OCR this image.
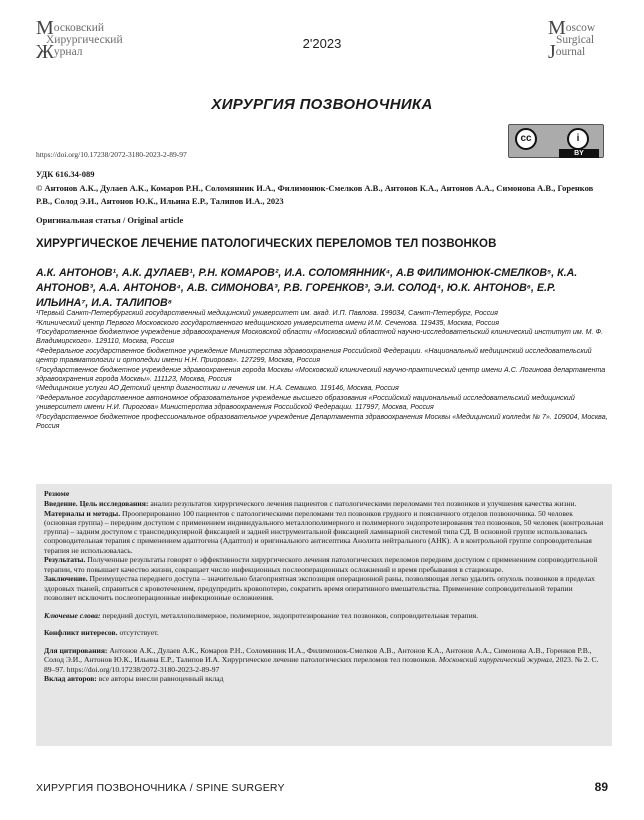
Московский
Хирургический
Журнал
2'2023
Moscow
Surgical
Journal
ХИРУРГИЯ ПОЗВОНОЧНИКА
cc	i
BY
https://doi.org/10.17238/2072-3180-2023-2-89-97
УДК 616.34-089
© Антонов А.К., Дулаев А.К., Комаров Р.Н., Соломянник И.А., Филимонюк-Смелков А.В., Антонов К.А., Антонов А.А., Симонова А.В., Горенков Р.В., Солод Э.И., Антонов Ю.К., Ильина Е.Р., Талипов И.А., 2023
Оригинальная статья / Original article
ХИРУРГИЧЕСКОЕ ЛЕЧЕНИЕ ПАТОЛОГИЧЕСКИХ ПЕРЕЛОМОВ ТЕЛ ПОЗВОНКОВ
А.К. АНТОНОВ¹, А.К. ДУЛАЕВ¹, Р.Н. КОМАРОВ², И.А. СОЛОМЯННИК⁴, А.В ФИЛИМОНЮК-СМЕЛКОВ⁵, К.А. АНТОНОВ³, А.А. АНТОНОВ⁴, А.В. СИМОНОВА³, Р.В. ГОРЕНКОВ³, Э.И. СОЛОД⁴, Ю.К. АНТОНОВ⁶, Е.Р. ИЛЬИНА⁷, И.А. ТАЛИПОВ⁸

¹Первый Санкт-Петербургский государственный медицинский университет им. акад. И.П. Павлова. 199034, Санкт-Петербург, Россия

²Клинический центр Первого Московского государственного медицинского университета имени И.М. Сеченова. 119435, Москва, Россия

³Государственное бюджетное учреждение здравоохранения Московской области «Московский областной научно-исследовательский клинический институт им. М. Ф. Владимирского». 129110, Москва, Россия

⁴Федеральное государственное бюджетное учреждение Министерства здравоохранения Российской Федерации. «Национальный медицинский исследовательский центр травматологии и ортопедии имени Н.Н. Приорова». 127299, Москва, Россия

⁵Государственное бюджетное учреждение здравоохранения города Москвы «Московский клинический научно-практический центр имени А.С. Логинова департамента здравоохранения города Москвы». 111123, Москва, Россия

⁶Медицинские услуги АО Детский центр диагностики и лечения им. Н.А. Семашко. 119146, Москва, Россия

⁷Федеральное государственное автономное образовательное учреждение высшего образования «Российский национальный исследовательский медицинский университет имени Н.И. Пирогова» Министерства здравоохранения Российской Федерации. 117997, Москва, Россия

⁸Государственное бюджетное профессиональное образовательное учреждение Департамента здравоохранения Москвы «Медицинский колледж № 7». 109004, Москва, Россия

Резюме

Введение. Цель исследования: анализ результатов хирургического лечения пациентов с патологическими переломами тел позвонков и улучшения качества жизни.

Материалы и методы. Прооперированно 100 пациентов с патологическими переломами тел позвонков грудного и поясничного отделов позвоночника. 50 человек (основная группа) – передним доступом с применением индивидуального металлополимерного и полимерного эндопротезирования тел позвонков, 50 человек (контрольная группа) – задним доступом с транспедикулярной фиксацией и задней инструментальной фиксацией ламинарной системой типа СД. В основной группе использовалась сопроводительная терапия с применением адаптогена (Адаптол) и оригинального антисептика Анолита нейтрального (АНК). А в контрольной группе сопроводительная терапия не использовалась.

Результаты. Полученные результаты говорят о эффективности хирургического лечения патологических переломов передним доступом с применением сопроводительной терапии, что повышает качество жизни, сокращает число инфекционных послеоперационных осложнений и время пребывания в стационаре.

Заключение. Преимущества переднего доступа – значительно благоприятная экспозиция операционной раны, позволяющая легко удалить опухоль позвонков в пределах здоровых тканей, справиться с кровотечением, предупредить кровопотерю, сократить время оперативного вмешательства. Применение сопроводительной терапии позволяет исключить послеоперационные инфекционные осложнения.

Ключевые слова: передний доступ, металлополимерное, полимерное, эндопротезирование тел позвонков, сопроводительная терапия.

Конфликт интересов. отсутствует.

Для цитирования: Антонов А.К., Дулаев А.К., Комаров Р.Н., Соломянник И.А., Филимонюк-Смелков А.В., Антонов К.А., Антонов А.А., Симонова А.В., Горенков Р.В., Солод Э.И., Антонов Ю.К., Ильина Е.Р., Талипов И.А. Хирургическое лечение патологических переломов тел позвонков. Московский хирургический журнал, 2023. № 2. С. 89–97. https://doi.org/10.17238/2072-3180-2023-2-89-97

Вклад авторов: все авторы внесли равноценный вклад

ХИРУРГИЯ ПОЗВОНОЧНИКА / SPINE SURGERY	89
